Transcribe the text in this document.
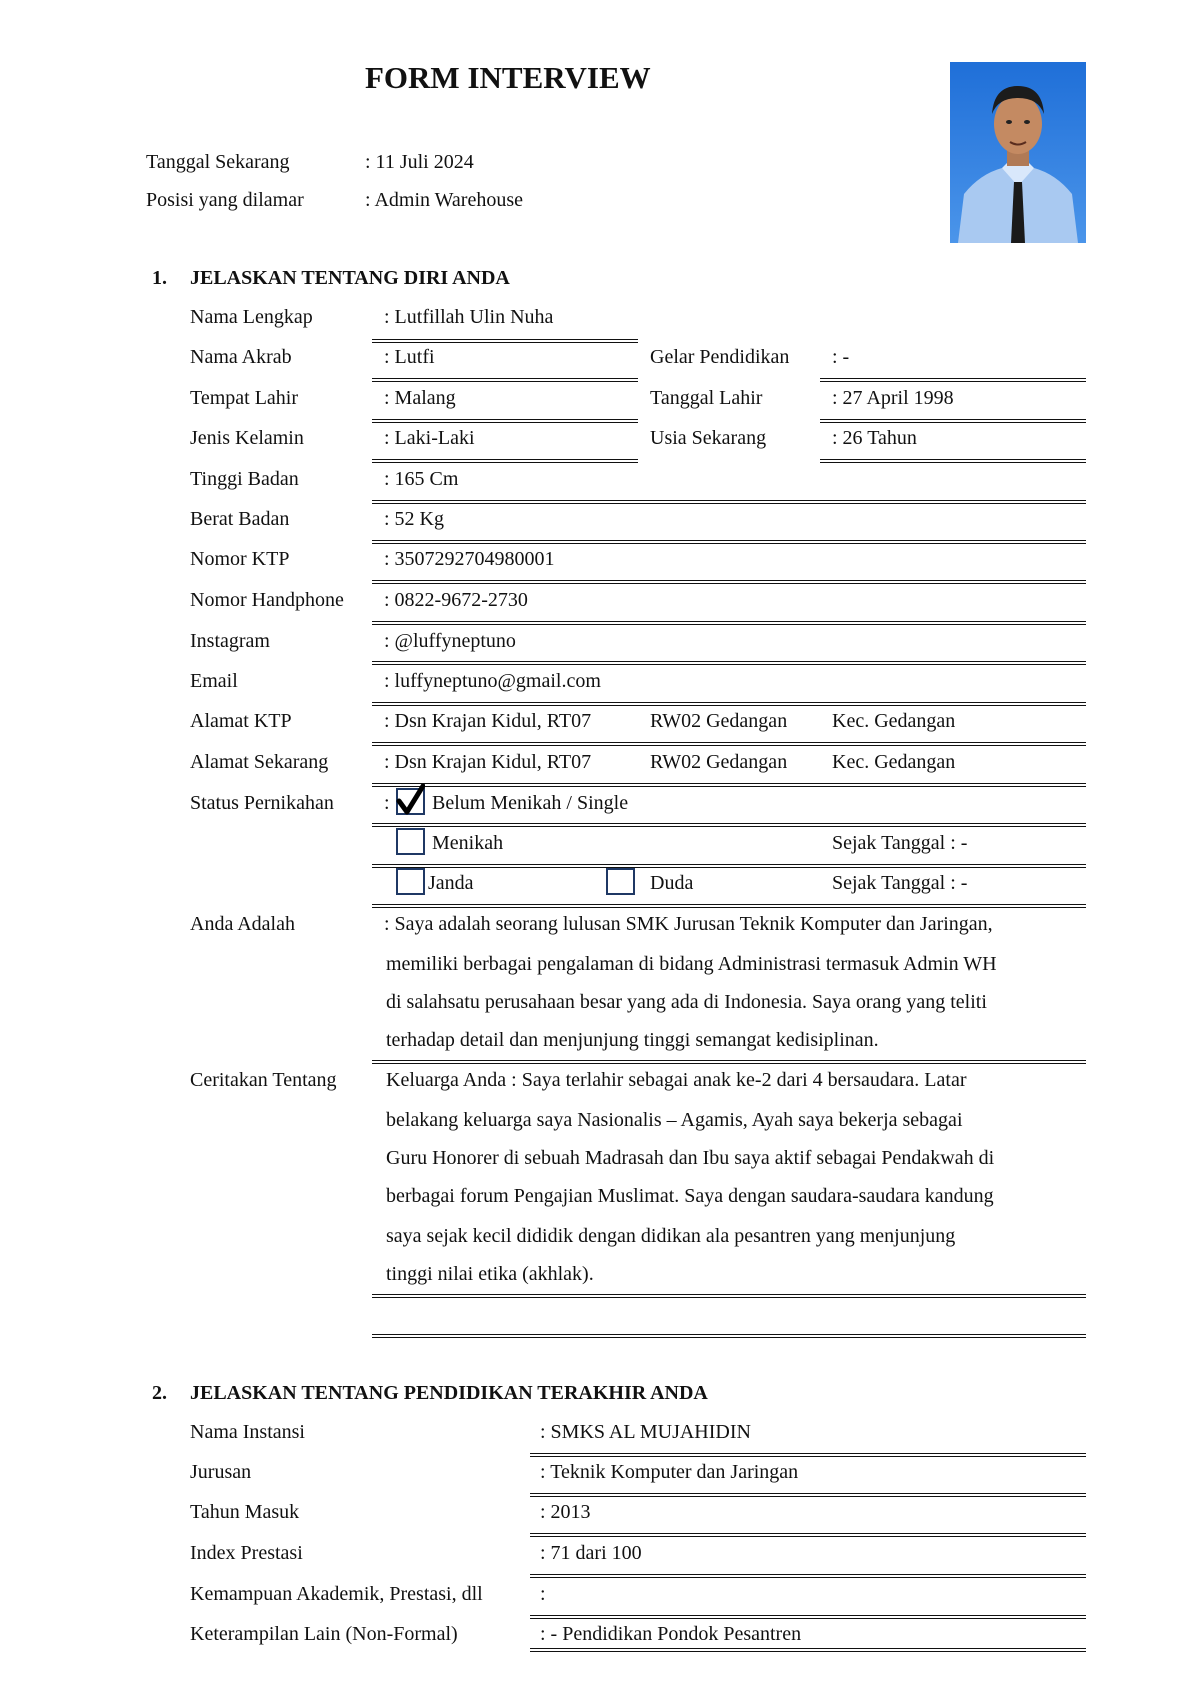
FORM INTERVIEW
Tanggal Sekarang	: 11 Juli 2024
Posisi yang dilamar	: Admin Warehouse
1. JELASKAN TENTANG DIRI ANDA
Nama Lengkap	: Lutfillah Ulin Nuha
Nama Akrab	: Lutfi	Gelar Pendidikan : -
Tempat Lahir	: Malang	Tanggal Lahir	: 27 April 1998
Jenis Kelamin	: Laki-Laki	Usia Sekarang	: 26 Tahun
Tinggi Badan	: 165 Cm
Berat Badan	: 52 Kg
Nomor KTP	: 3507292704980001
Nomor Handphone : 0822-9672-2730
Instagram	: @luffyneptuno
Email	: luffyneptuno@gmail.com
Alamat KTP	: Dsn Krajan Kidul, RT07	RW02 Gedangan Kec. Gedangan
Alamat Sekarang	: Dsn Krajan Kidul, RT07	RW02 Gedangan Kec. Gedangan
Status Pernikahan	: Belum Menikah / Single
Menikah	Sejak Tanggal : -
Janda	Duda	Sejak Tanggal : -
Anda Adalah	: Saya adalah seorang lulusan SMK Jurusan Teknik Komputer dan Jaringan,
memiliki berbagai pengalaman di bidang Administrasi termasuk Admin WH
di salahsatu perusahaan besar yang ada di Indonesia. Saya orang yang teliti
terhadap detail dan menjunjung tinggi semangat kedisiplinan.
Ceritakan Tentang Keluarga Anda : Saya terlahir sebagai anak ke-2 dari 4 bersaudara. Latar
belakang keluarga saya Nasionalis – Agamis, Ayah saya bekerja sebagai
Guru Honorer di sebuah Madrasah dan Ibu saya aktif sebagai Pendakwah di
berbagai forum Pengajian Muslimat. Saya dengan saudara-saudara kandung
saya sejak kecil dididik dengan didikan ala pesantren yang menjunjung
tinggi nilai etika (akhlak).
2. JELASKAN TENTANG PENDIDIKAN TERAKHIR ANDA
Nama Instansi	: SMKS AL MUJAHIDIN
Jurusan	: Teknik Komputer dan Jaringan
Tahun Masuk	: 2013
Index Prestasi	: 71 dari 100
Kemampuan Akademik, Prestasi, dll	:
Keterampilan Lain (Non-Formal)	: - Pendidikan Pondok Pesantren
